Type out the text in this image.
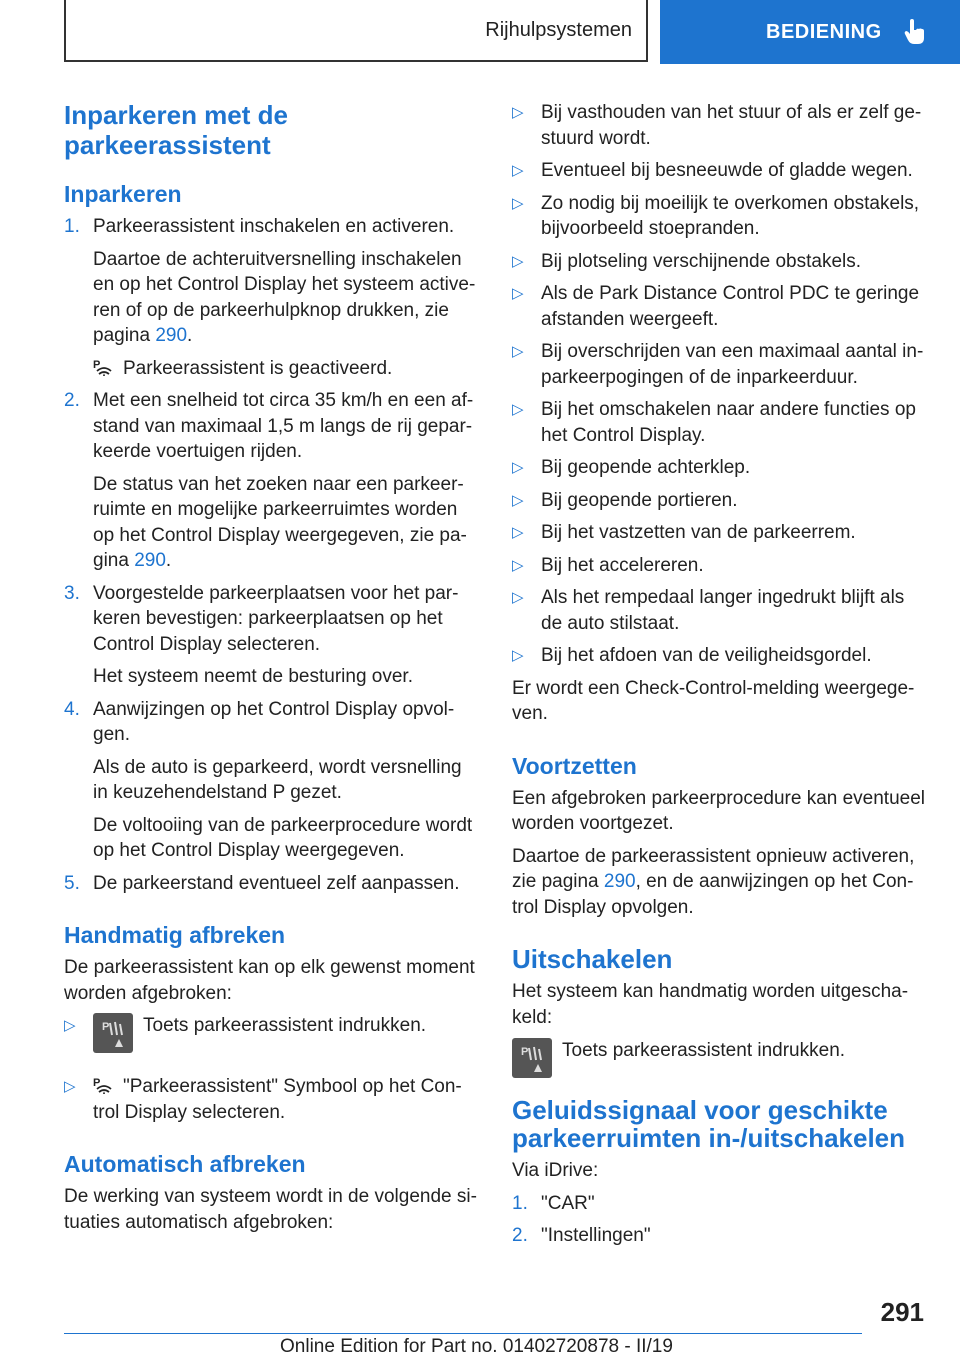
Rijhulpsystemen	BEDIENING
Inparkeren met de parkeerassistent
Inparkeren
1. Parkeerassistent inschakelen en activeren.
Daartoe de achteruitversnelling inschakelen en op het Control Display het systeem active-ren of op de parkeerhulpknop drukken, zie pagina 290.
P Parkeerassistent is geactiveerd.
2. Met een snelheid tot circa 35 km/h en een af-stand van maximaal 1,5 m langs de rij gepar-keerde voertuigen rijden.
De status van het zoeken naar een parkeer-ruimte en mogelijke parkeerruimtes worden op het Control Display weergegeven, zie pa-gina 290.
3. Voorgestelde parkeerplaatsen voor het par-keren bevestigen: parkeerplaatsen op het Control Display selecteren.
Het systeem neemt de besturing over.
4. Aanwijzingen op het Control Display opvol-gen.
Als de auto is geparkeerd, wordt versnelling in keuzehendelstand P gezet.
De voltooiing van de parkeerprocedure wordt op het Control Display weergegeven.
5. De parkeerstand eventueel zelf aanpassen.
Handmatig afbreken

De parkeerassistent kan op elk gewenst moment worden afgebroken:

▷ P Toets parkeerassistent indrukken.
▷ P "Parkeerassistent" Symbool op het Con-trol Display selecteren.
Automatisch afbreken

De werking van systeem wordt in de volgende si-tuaties automatisch afgebroken:

▷ Bij vasthouden van het stuur of als er zelf ge-stuurd wordt.
▷ Eventueel bij besneeuwde of gladde wegen.
▷ Zo nodig bij moeilijk te overkomen obstakels, bijvoorbeeld stoepranden.
▷ Bij plotseling verschijnende obstakels.
▷ Als de Park Distance Control PDC te geringe afstanden weergeeft.
▷ Bij overschrijden van een maximaal aantal in-parkeerpogingen of de inparkeerduur.
▷ Bij het omschakelen naar andere functies op het Control Display.
▷ Bij geopende achterklep.
▷ Bij geopende portieren.
▷ Bij het vastzetten van de parkeerrem.
▷ Bij het accelereren.
▷ Als het rempedaal langer ingedrukt blijft als de auto stilstaat.
▷ Bij het afdoen van de veiligheidsgordel.

Er wordt een Check-Control-melding weergege-ven.

Voortzetten

Een afgebroken parkeerprocedure kan eventueel worden voortgezet.

Daartoe de parkeerassistent opnieuw activeren, zie pagina 290, en de aanwijzingen op het Con-trol Display opvolgen.

Uitschakelen

Het systeem kan handmatig worden uitgescha-keld:

P Toets parkeerassistent indrukken.
Geluidssignaal voor geschikte parkeerruimten in-/uitschakelen

Via iDrive:

1. "CAR"
2. "Instellingen"
291
Online Edition for Part no. 01402720878 - II/19
